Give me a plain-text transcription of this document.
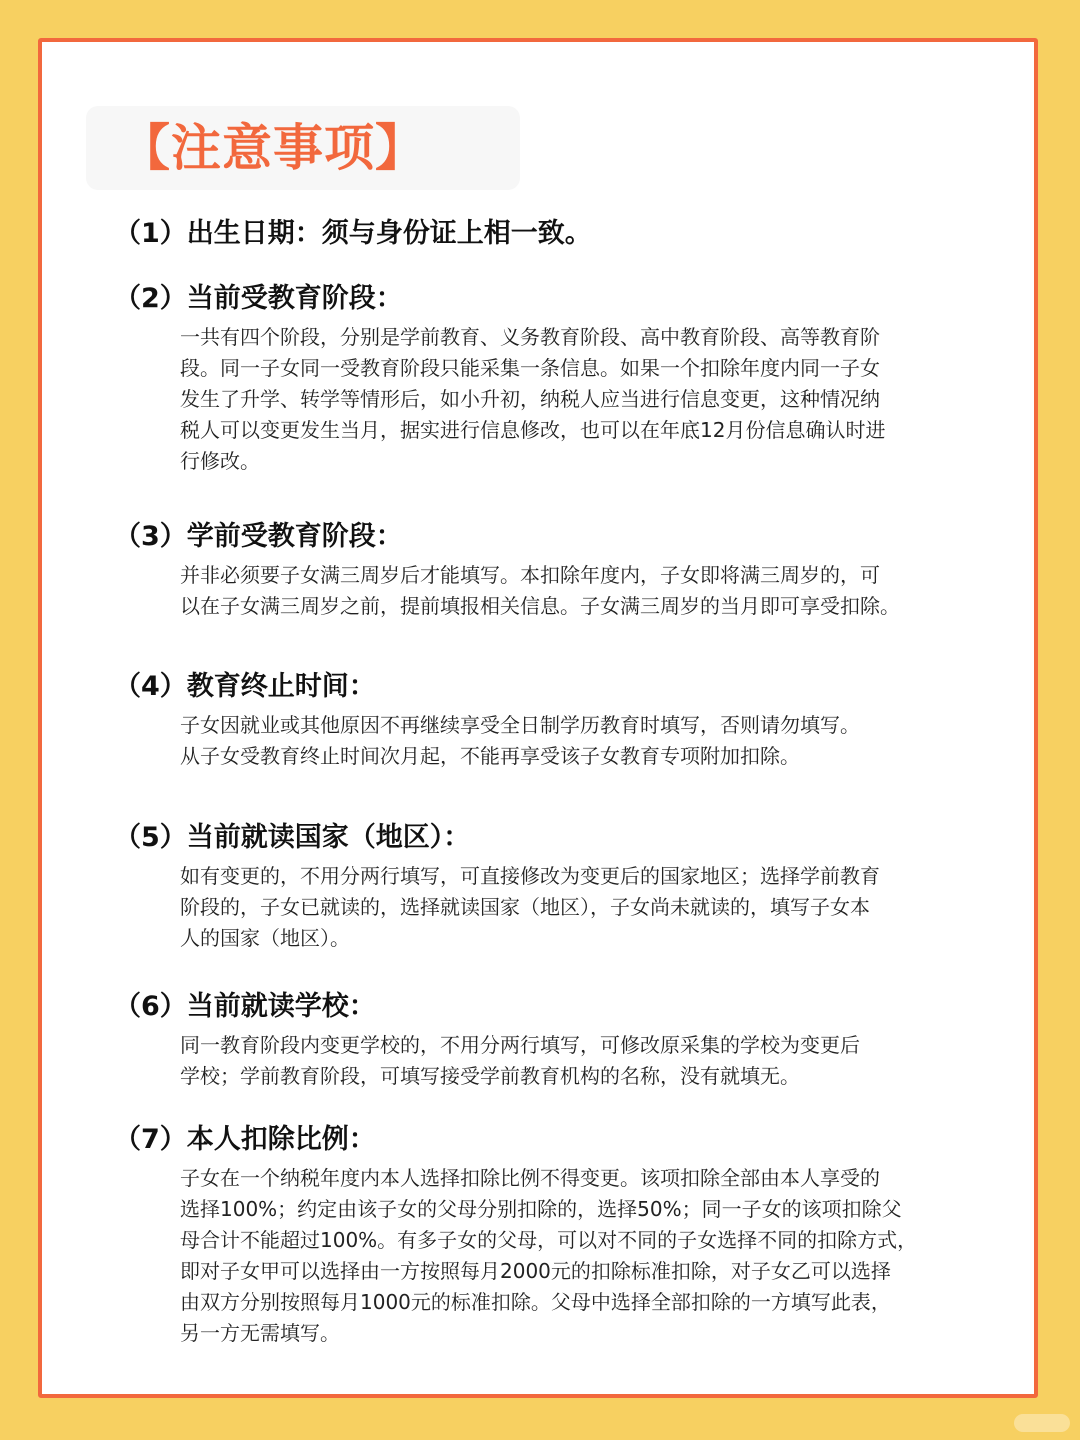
【注意事项】
（1）出生日期：须与身份证上相一致。
（2）当前受教育阶段：

一共有四个阶段，分别是学前教育、义务教育阶段、高中教育阶段、高等教育阶

段。同一子女同一受教育阶段只能采集一条信息。如果一个扣除年度内同一子女

发生了升学、转学等情形后，如小升初，纳税人应当进行信息变更，这种情况纳

税人可以变更发生当月，据实进行信息修改，也可以在年底12月份信息确认时进

行修改。

（3）学前受教育阶段：

并非必须要子女满三周岁后才能填写。本扣除年度内，子女即将满三周岁的，可

以在子女满三周岁之前，提前填报相关信息。子女满三周岁的当月即可享受扣除。

（4）教育终止时间：

子女因就业或其他原因不再继续享受全日制学历教育时填写，否则请勿填写。

从子女受教育终止时间次月起，不能再享受该子女教育专项附加扣除。

（5）当前就读国家（地区）：

如有变更的，不用分两行填写，可直接修改为变更后的国家地区；选择学前教育

阶段的，子女已就读的，选择就读国家（地区），子女尚未就读的，填写子女本

人的国家（地区）。

（6）当前就读学校：

同一教育阶段内变更学校的，不用分两行填写，可修改原采集的学校为变更后

学校；学前教育阶段，可填写接受学前教育机构的名称，没有就填无。

（7）本人扣除比例：

子女在一个纳税年度内本人选择扣除比例不得变更。该项扣除全部由本人享受的

选择100%；约定由该子女的父母分别扣除的，选择50%；同一子女的该项扣除父

母合计不能超过100%。有多子女的父母，可以对不同的子女选择不同的扣除方式，

即对子女甲可以选择由一方按照每月2000元的扣除标准扣除，对子女乙可以选择

由双方分别按照每月1000元的标准扣除。父母中选择全部扣除的一方填写此表，

另一方无需填写。
